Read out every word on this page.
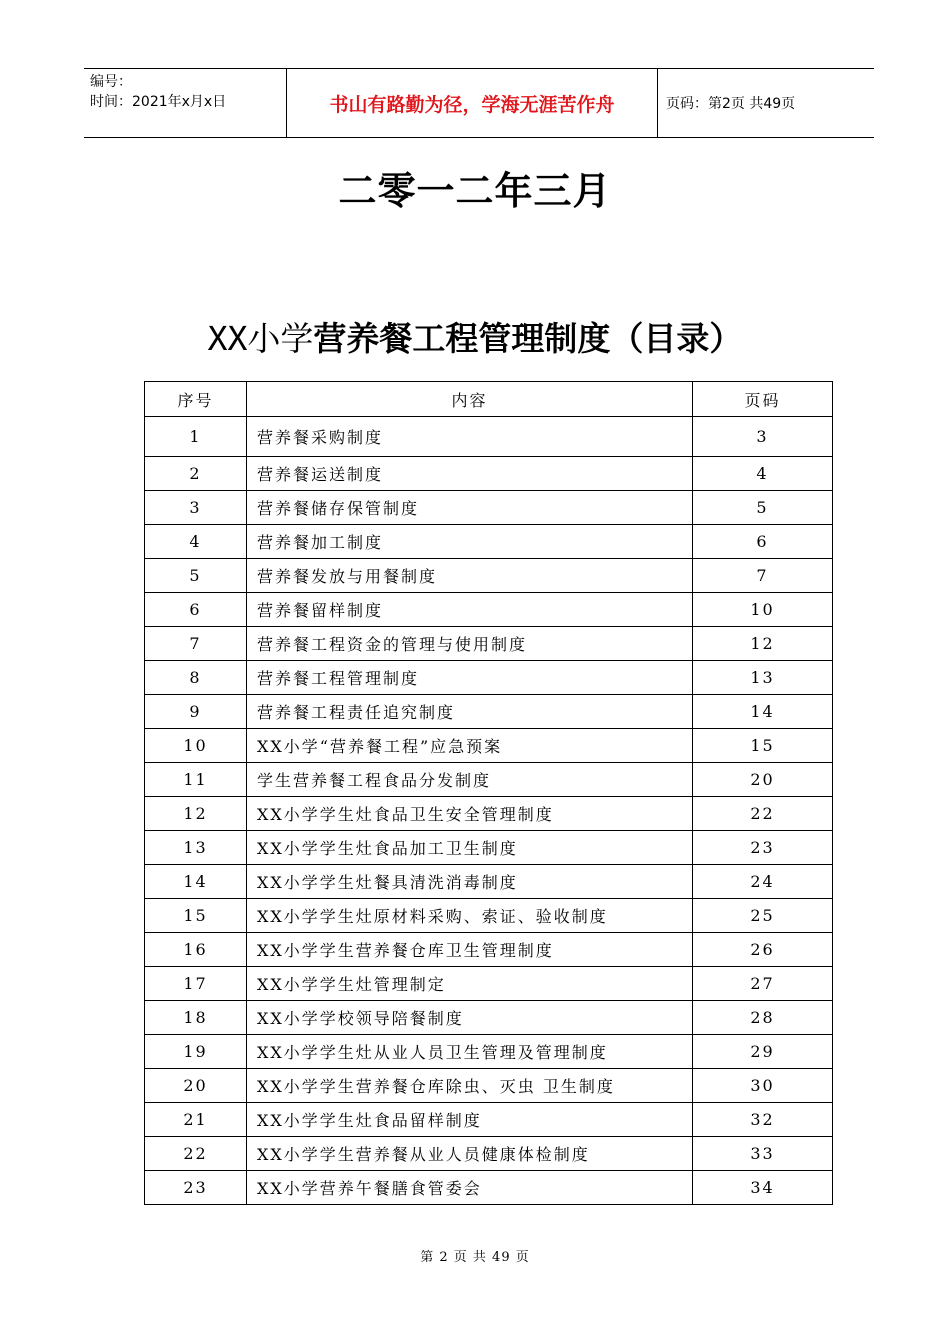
编号：
时间：2021年x月x日	书山有路勤为径，学海无涯苦作舟	页码：第2页 共49页
二零一二年三月
XX小学营养餐工程管理制度（目录）
序号	内容	页码
1	营养餐采购制度	3
2	营养餐运送制度	4
3	营养餐储存保管制度	5
4	营养餐加工制度	6
5	营养餐发放与用餐制度	7
6	营养餐留样制度	10
7	营养餐工程资金的管理与使用制度	12
8	营养餐工程管理制度	13
9	营养餐工程责任追究制度	14
10	XX小学“营养餐工程”应急预案	15
11	学生营养餐工程食品分发制度	20
12	XX小学学生灶食品卫生安全管理制度	22
13	XX小学学生灶食品加工卫生制度	23
14	XX小学学生灶餐具清洗消毒制度	24
15	XX小学学生灶原材料采购、索证、验收制度	25
16	XX小学学生营养餐仓库卫生管理制度	26
17	XX小学学生灶管理制定	27
18	XX小学学校领导陪餐制度	28
19	XX小学学生灶从业人员卫生管理及管理制度	29
20	XX小学学生营养餐仓库除虫、灭虫 卫生制度	30
21	XX小学学生灶食品留样制度	32
22	XX小学学生营养餐从业人员健康体检制度	33
23	XX小学营养午餐膳食管委会	34
第 2 页 共 49 页
